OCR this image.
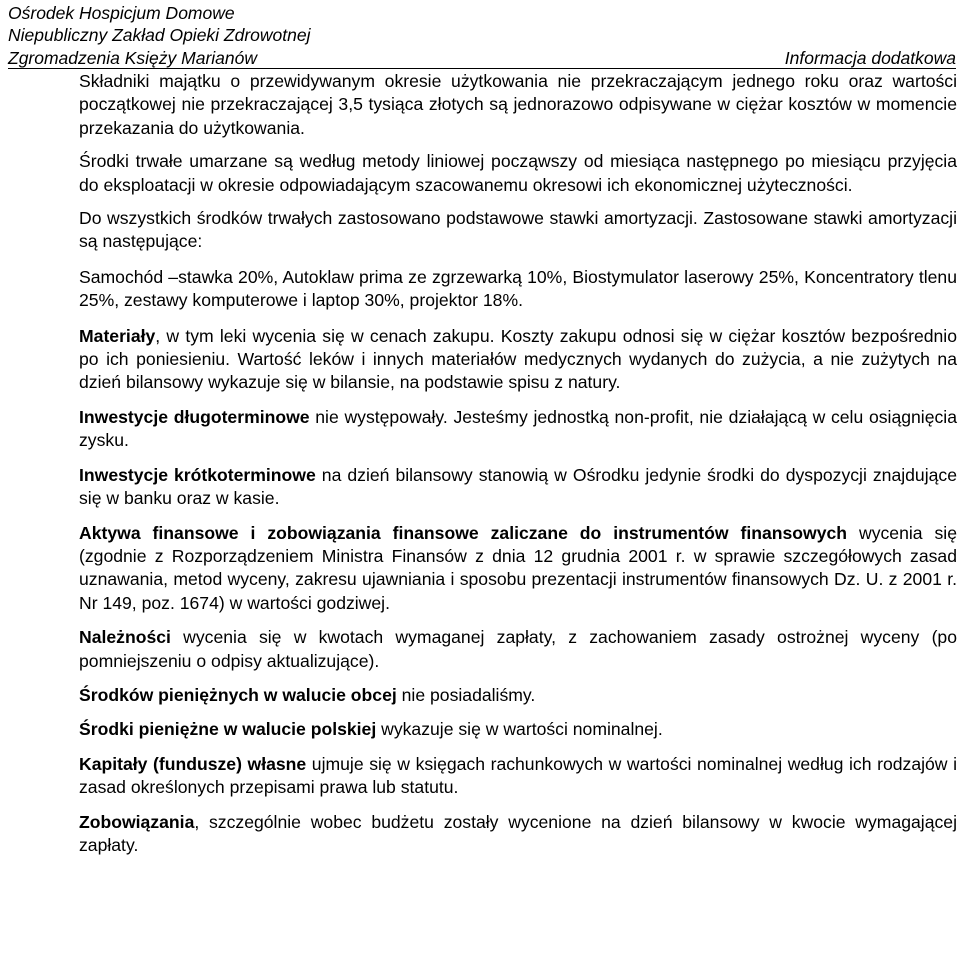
Ośrodek Hospicjum Domowe
Niepubliczny Zakład Opieki Zdrowotnej
Zgromadzenia Księży Marianów	Informacja dodatkowa

Składniki majątku o przewidywanym okresie użytkowania nie przekraczającym jednego roku oraz wartości początkowej nie przekraczającej 3,5 tysiąca złotych są jednorazowo odpisywane w ciężar kosztów w momencie przekazania do użytkowania.

Środki trwałe umarzane są według metody liniowej począwszy od miesiąca następnego po miesiącu przyjęcia do eksploatacji w okresie odpowiadającym szacowanemu okresowi ich ekonomicznej użyteczności.

Do wszystkich środków trwałych zastosowano podstawowe stawki amortyzacji. Zastosowane stawki amortyzacji są następujące:

Samochód –stawka 20%, Autoklaw prima ze zgrzewarką 10%, Biostymulator laserowy 25%, Koncentratory tlenu 25%, zestawy komputerowe i laptop 30%, projektor 18%.

Materiały, w tym leki wycenia się w cenach zakupu. Koszty zakupu odnosi się w ciężar kosztów bezpośrednio po ich poniesieniu. Wartość leków i innych materiałów medycznych wydanych do zużycia, a nie zużytych na dzień bilansowy wykazuje się w bilansie, na podstawie spisu z natury.

Inwestycje długoterminowe nie występowały. Jesteśmy jednostką non-profit, nie działającą w celu osiągnięcia zysku.

Inwestycje krótkoterminowe na dzień bilansowy stanowią w Ośrodku jedynie środki do dyspozycji znajdujące się w banku oraz w kasie.

Aktywa finansowe i zobowiązania finansowe zaliczane do instrumentów finansowych wycenia się (zgodnie z Rozporządzeniem Ministra Finansów z dnia 12 grudnia 2001 r. w sprawie szczegółowych zasad uznawania, metod wyceny, zakresu ujawniania i sposobu prezentacji instrumentów finansowych Dz. U. z 2001 r. Nr 149, poz. 1674) w wartości godziwej.

Należności wycenia się w kwotach wymaganej zapłaty, z zachowaniem zasady ostrożnej wyceny (po pomniejszeniu o odpisy aktualizujące).

Środków pieniężnych w walucie obcej nie posiadaliśmy.

Środki pieniężne w walucie polskiej wykazuje się w wartości nominalnej.

Kapitały (fundusze) własne ujmuje się w księgach rachunkowych w wartości nominalnej według ich rodzajów i zasad określonych przepisami prawa lub statutu.

Zobowiązania, szczególnie wobec budżetu zostały wycenione na dzień bilansowy w kwocie wymagającej zapłaty.
